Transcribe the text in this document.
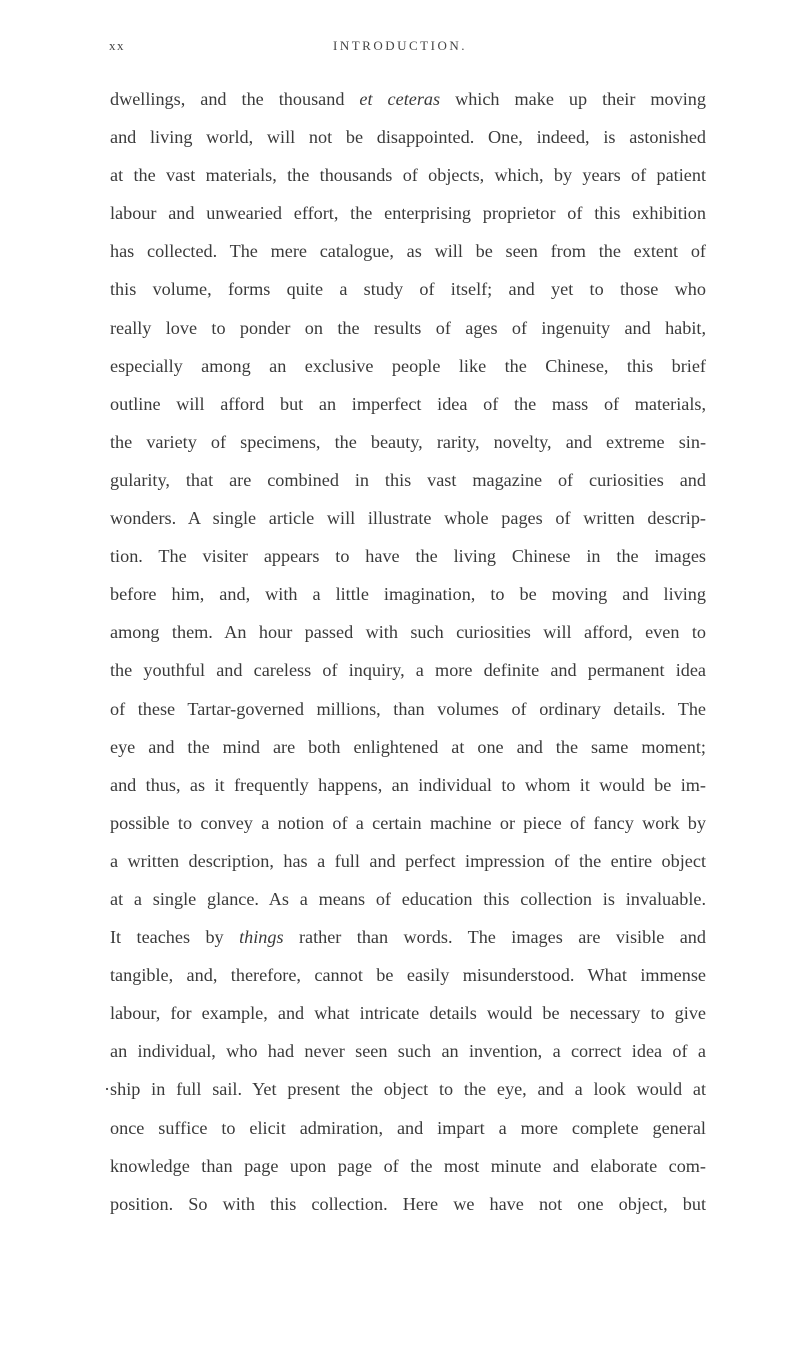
xx	INTRODUCTION.
dwellings, and the thousand et ceteras which make up their moving
and living world, will not be disappointed. One, indeed, is astonished
at the vast materials, the thousands of objects, which, by years of patient
labour and unwearied effort, the enterprising proprietor of this exhibition
has collected. The mere catalogue, as will be seen from the extent of
this volume, forms quite a study of itself; and yet to those who
really love to ponder on the results of ages of ingenuity and habit,
especially among an exclusive people like the Chinese, this brief
outline will afford but an imperfect idea of the mass of materials,
the variety of specimens, the beauty, rarity, novelty, and extreme sin-
gularity, that are combined in this vast magazine of curiosities and
wonders. A single article will illustrate whole pages of written descrip-
tion. The visiter appears to have the living Chinese in the images
before him, and, with a little imagination, to be moving and living
among them. An hour passed with such curiosities will afford, even to
the youthful and careless of inquiry, a more definite and permanent idea
of these Tartar-governed millions, than volumes of ordinary details. The
eye and the mind are both enlightened at one and the same moment;
and thus, as it frequently happens, an individual to whom it would be im-
possible to convey a notion of a certain machine or piece of fancy work by
a written description, has a full and perfect impression of the entire object
at a single glance. As a means of education this collection is invaluable.
It teaches by things rather than words. The images are visible and
tangible, and, therefore, cannot be easily misunderstood. What immense
labour, for example, and what intricate details would be necessary to give
an individual, who had never seen such an invention, a correct idea of a
·ship in full sail. Yet present the object to the eye, and a look would at
once suffice to elicit admiration, and impart a more complete general
knowledge than page upon page of the most minute and elaborate com-
position. So with this collection. Here we have not one object, but
